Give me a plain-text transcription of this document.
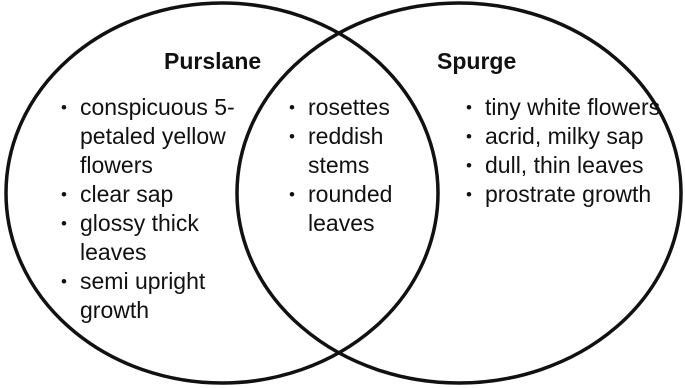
Purslane	Spurge
• conspicuous 5-petaled yellow flowers
• clear sap
• glossy thick leaves
• semi upright growth
• rosettes
• reddish stems
• rounded leaves
• tiny white flowers
• acrid, milky sap
• dull, thin leaves
• prostrate growth
